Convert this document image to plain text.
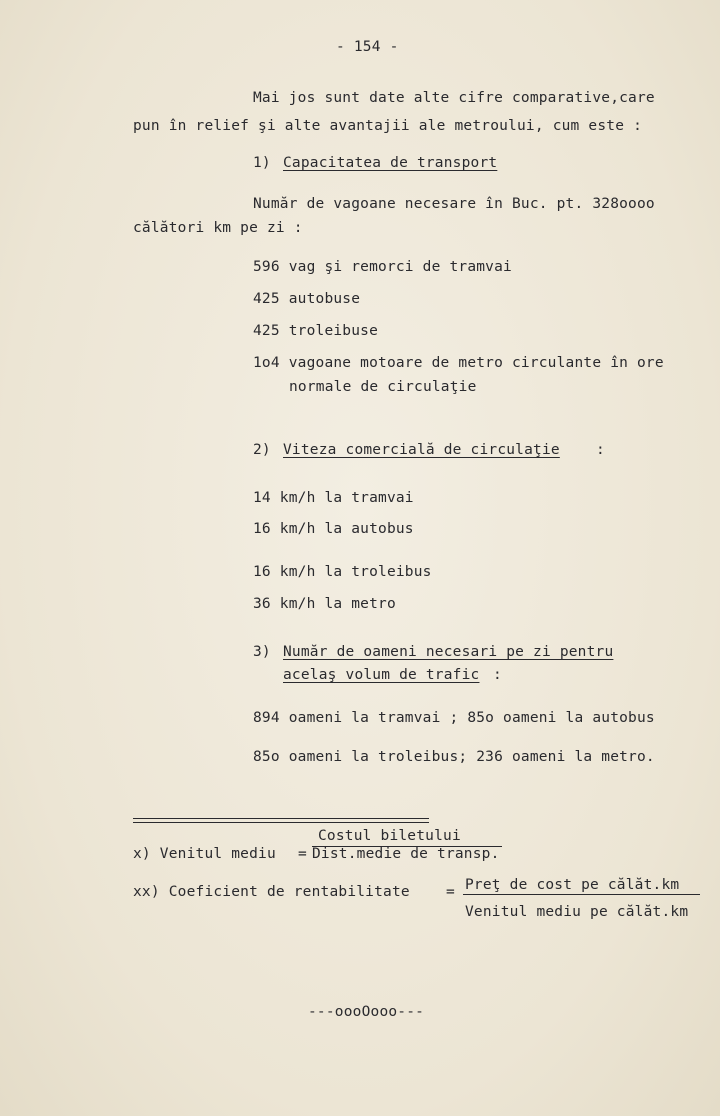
- 154 -
Mai jos sunt date alte cifre comparative,care
pun în relief şi alte avantajii ale metroului, cum este :
1) Capacitatea de transport
Număr de vagoane necesare în Buc. pt. 328oooo
călători km pe zi :
596 vag şi remorci de tramvai
425 autobuse
425 troleibuse
1o4 vagoane motoare de metro circulante în ore
normale de circulaţie
2) Viteza comercială de circulaţie :
14 km/h la tramvai
16 km/h la autobus
16 km/h la troleibus
36 km/h la metro
3) Număr de oameni necesari pe zi pentru
acelaş volum de trafic :
894 oameni la tramvai ; 85o oameni la autobus
85o oameni la troleibus; 236 oameni la metro.
Costul biletului
x) Venitul mediu = Dist.medie de transp.
Preţ de cost pe călăt.km
xx) Coeficient de rentabilitate =
Venitul mediu pe călăt.km
---oooOooo---
